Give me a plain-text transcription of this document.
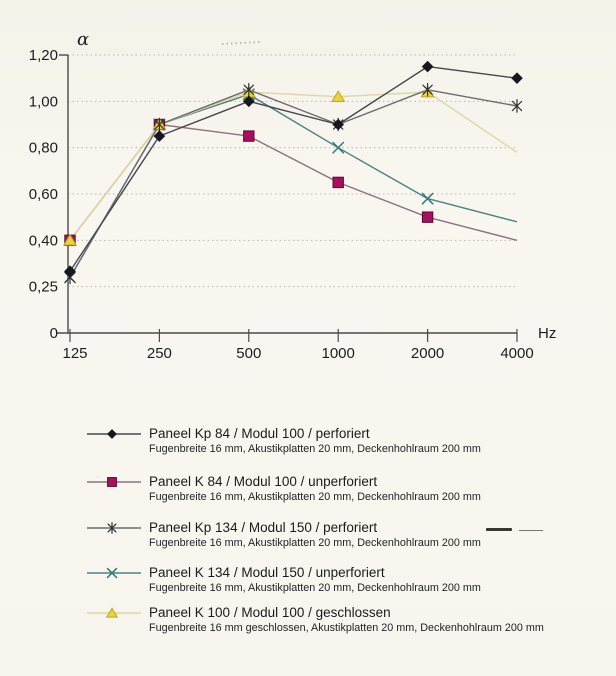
0
0,25
0,40
0,60
0,80
1,00
1,20
125	250	500	1000	2000	4000
Hz
α
Paneel Kp 84 / Modul 100 / perforiert
Fugenbreite 16 mm, Akustikplatten 20 mm, Deckenhohlraum 200 mm
Paneel K 84 / Modul 100 / unperforiert
Fugenbreite 16 mm, Akustikplatten 20 mm, Deckenhohlraum 200 mm
Paneel Kp 134 / Modul 150 / perforiert
Fugenbreite 16 mm, Akustikplatten 20 mm, Deckenhohlraum 200 mm
Paneel K 134 / Modul 150 / unperforiert
Fugenbreite 16 mm, Akustikplatten 20 mm, Deckenhohlraum 200 mm
Paneel K 100 / Modul 100 / geschlossen
Fugenbreite 16 mm geschlossen, Akustikplatten 20 mm, Deckenhohlraum 200 mm
